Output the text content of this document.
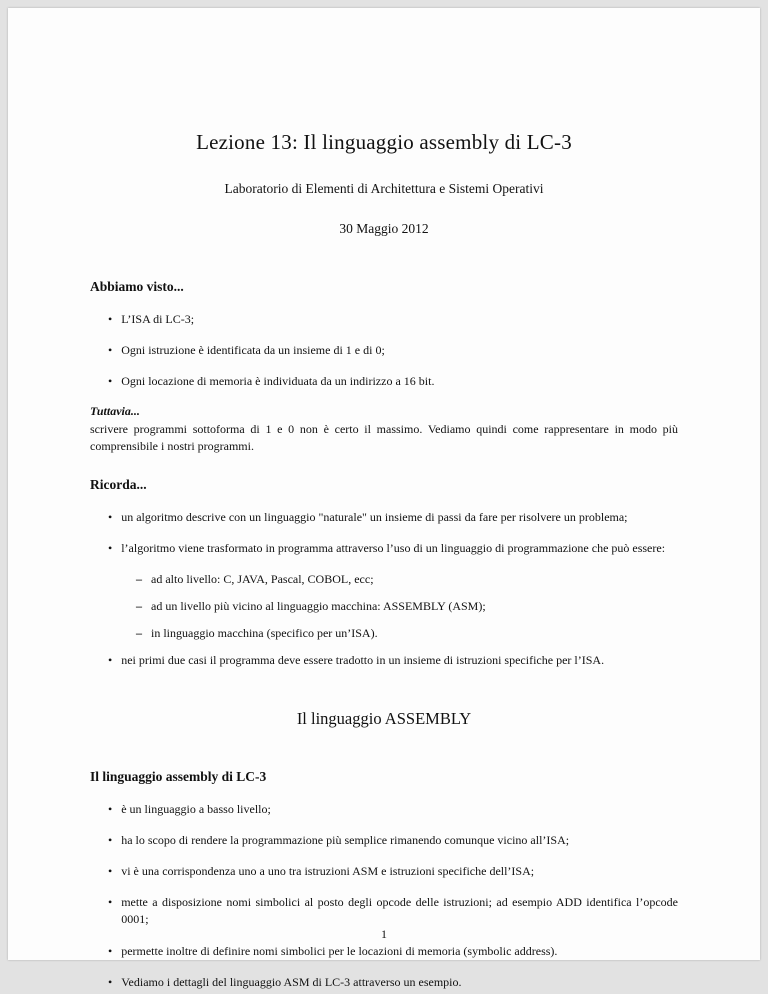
Lezione 13: Il linguaggio assembly di LC-3
Laboratorio di Elementi di Architettura e Sistemi Operativi
30 Maggio 2012
Abbiamo visto...
• L’ISA di LC-3;
• Ogni istruzione è identificata da un insieme di 1 e di 0;
• Ogni locazione di memoria è individuata da un indirizzo a 16 bit.

Tuttavia...

scrivere programmi sottoforma di 1 e 0 non è certo il massimo. Vediamo quindi come rappresentare in modo più comprensibile i nostri programmi.

Ricorda...
• un algoritmo descrive con un linguaggio "naturale" un insieme di passi da fare per risolvere un problema;
• l’algoritmo viene trasformato in programma attraverso l’uso di un linguaggio di programmazione che può essere:
– ad alto livello: C, JAVA, Pascal, COBOL, ecc;
– ad un livello più vicino al linguaggio macchina: ASSEMBLY (ASM);
– in linguaggio macchina (specifico per un’ISA).
• nei primi due casi il programma deve essere tradotto in un insieme di istruzioni specifiche per l’ISA.
Il linguaggio ASSEMBLY
Il linguaggio assembly di LC-3
• è un linguaggio a basso livello;
• ha lo scopo di rendere la programmazione più semplice rimanendo comunque vicino all’ISA;
• vi è una corrispondenza uno a uno tra istruzioni ASM e istruzioni specifiche dell’ISA;
• mette a disposizione nomi simbolici al posto degli opcode delle istruzioni; ad esempio ADD identifica l’opcode 0001;
• permette inoltre di definire nomi simbolici per le locazioni di memoria (symbolic address).
• Vediamo i dettagli del linguaggio ASM di LC-3 attraverso un esempio.
1
